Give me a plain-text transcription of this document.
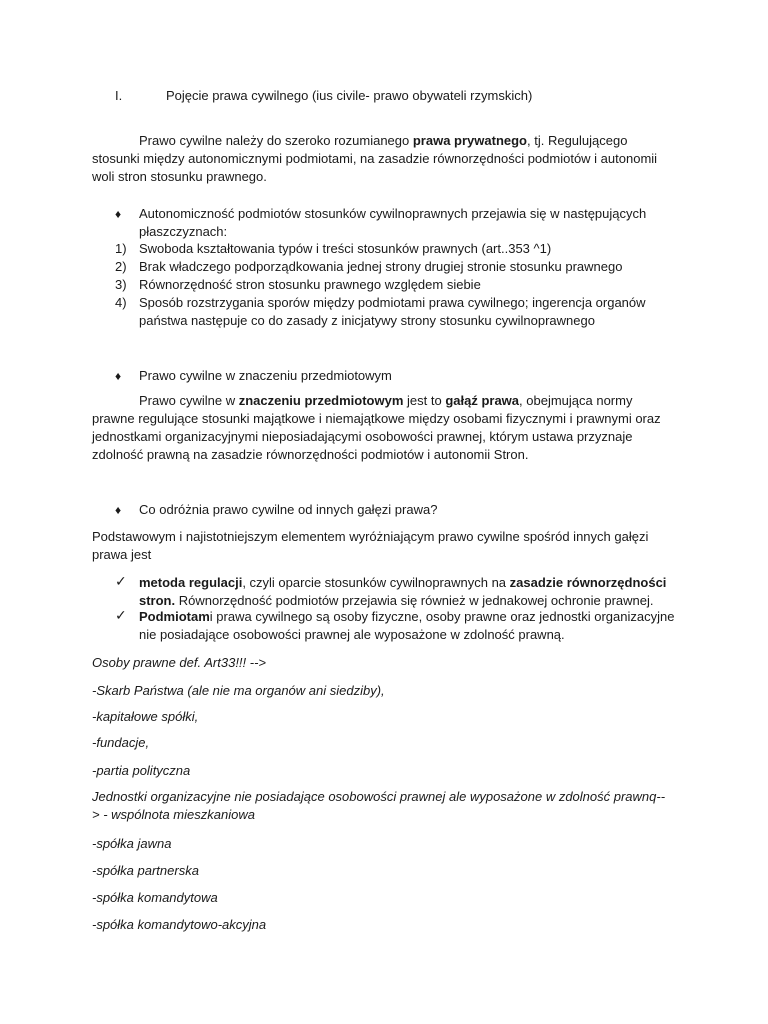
I.	Pojęcie prawa cywilnego (ius civile- prawo obywateli rzymskich)
Prawo cywilne należy do szeroko rozumianego prawa prywatnego, tj. Regulującego stosunki między autonomicznymi podmiotami, na zasadzie równorzędności podmiotów i autonomii woli stron stosunku prawnego.
♦ Autonomiczność podmiotów stosunków cywilnoprawnych przejawia się w następujących płaszczyznach:
1) Swoboda kształtowania typów i treści stosunków prawnych (art..353 ^1)
2) Brak władczego podporządkowania jednej strony drugiej stronie stosunku prawnego
3) Równorzędność stron stosunku prawnego względem siebie
4) Sposób rozstrzygania sporów między podmiotami prawa cywilnego; ingerencja organów państwa następuje co do zasady z inicjatywy strony stosunku cywilnoprawnego
♦ Prawo cywilne w znaczeniu przedmiotowym
Prawo cywilne w znaczeniu przedmiotowym jest to gałąź prawa, obejmująca normy prawne regulujące stosunki majątkowe i niemajątkowe między osobami fizycznymi i prawnymi oraz jednostkami organizacyjnymi nieposiadającymi osobowości prawnej, którym ustawa przyznaje zdolność prawną na zasadzie równorzędności podmiotów i autonomii Stron.
♦ Co odróżnia prawo cywilne od innych gałęzi prawa?
Podstawowym i najistotniejszym elementem wyróżniającym prawo cywilne spośród innych gałęzi prawa jest
✓ metoda regulacji, czyli oparcie stosunków cywilnoprawnych na zasadzie równorzędności stron. Równorzędność podmiotów przejawia się również w jednakowej ochronie prawnej.
✓ Podmiotami prawa cywilnego są osoby fizyczne, osoby prawne oraz jednostki organizacyjne nie posiadające osobowości prawnej ale wyposażone w zdolność prawną.
Osoby prawne def. Art33!!! -->
-Skarb Państwa (ale nie ma organów ani siedziby),
-kapitałowe spółki,
-fundacje,
-partia polityczna
Jednostki organizacyjne nie posiadające osobowości prawnej ale wyposażone w zdolność prawnq--> - wspólnota mieszkaniowa
-spółka jawna
-spółka partnerska
-spółka komandytowa
-spółka komandytowo-akcyjna
